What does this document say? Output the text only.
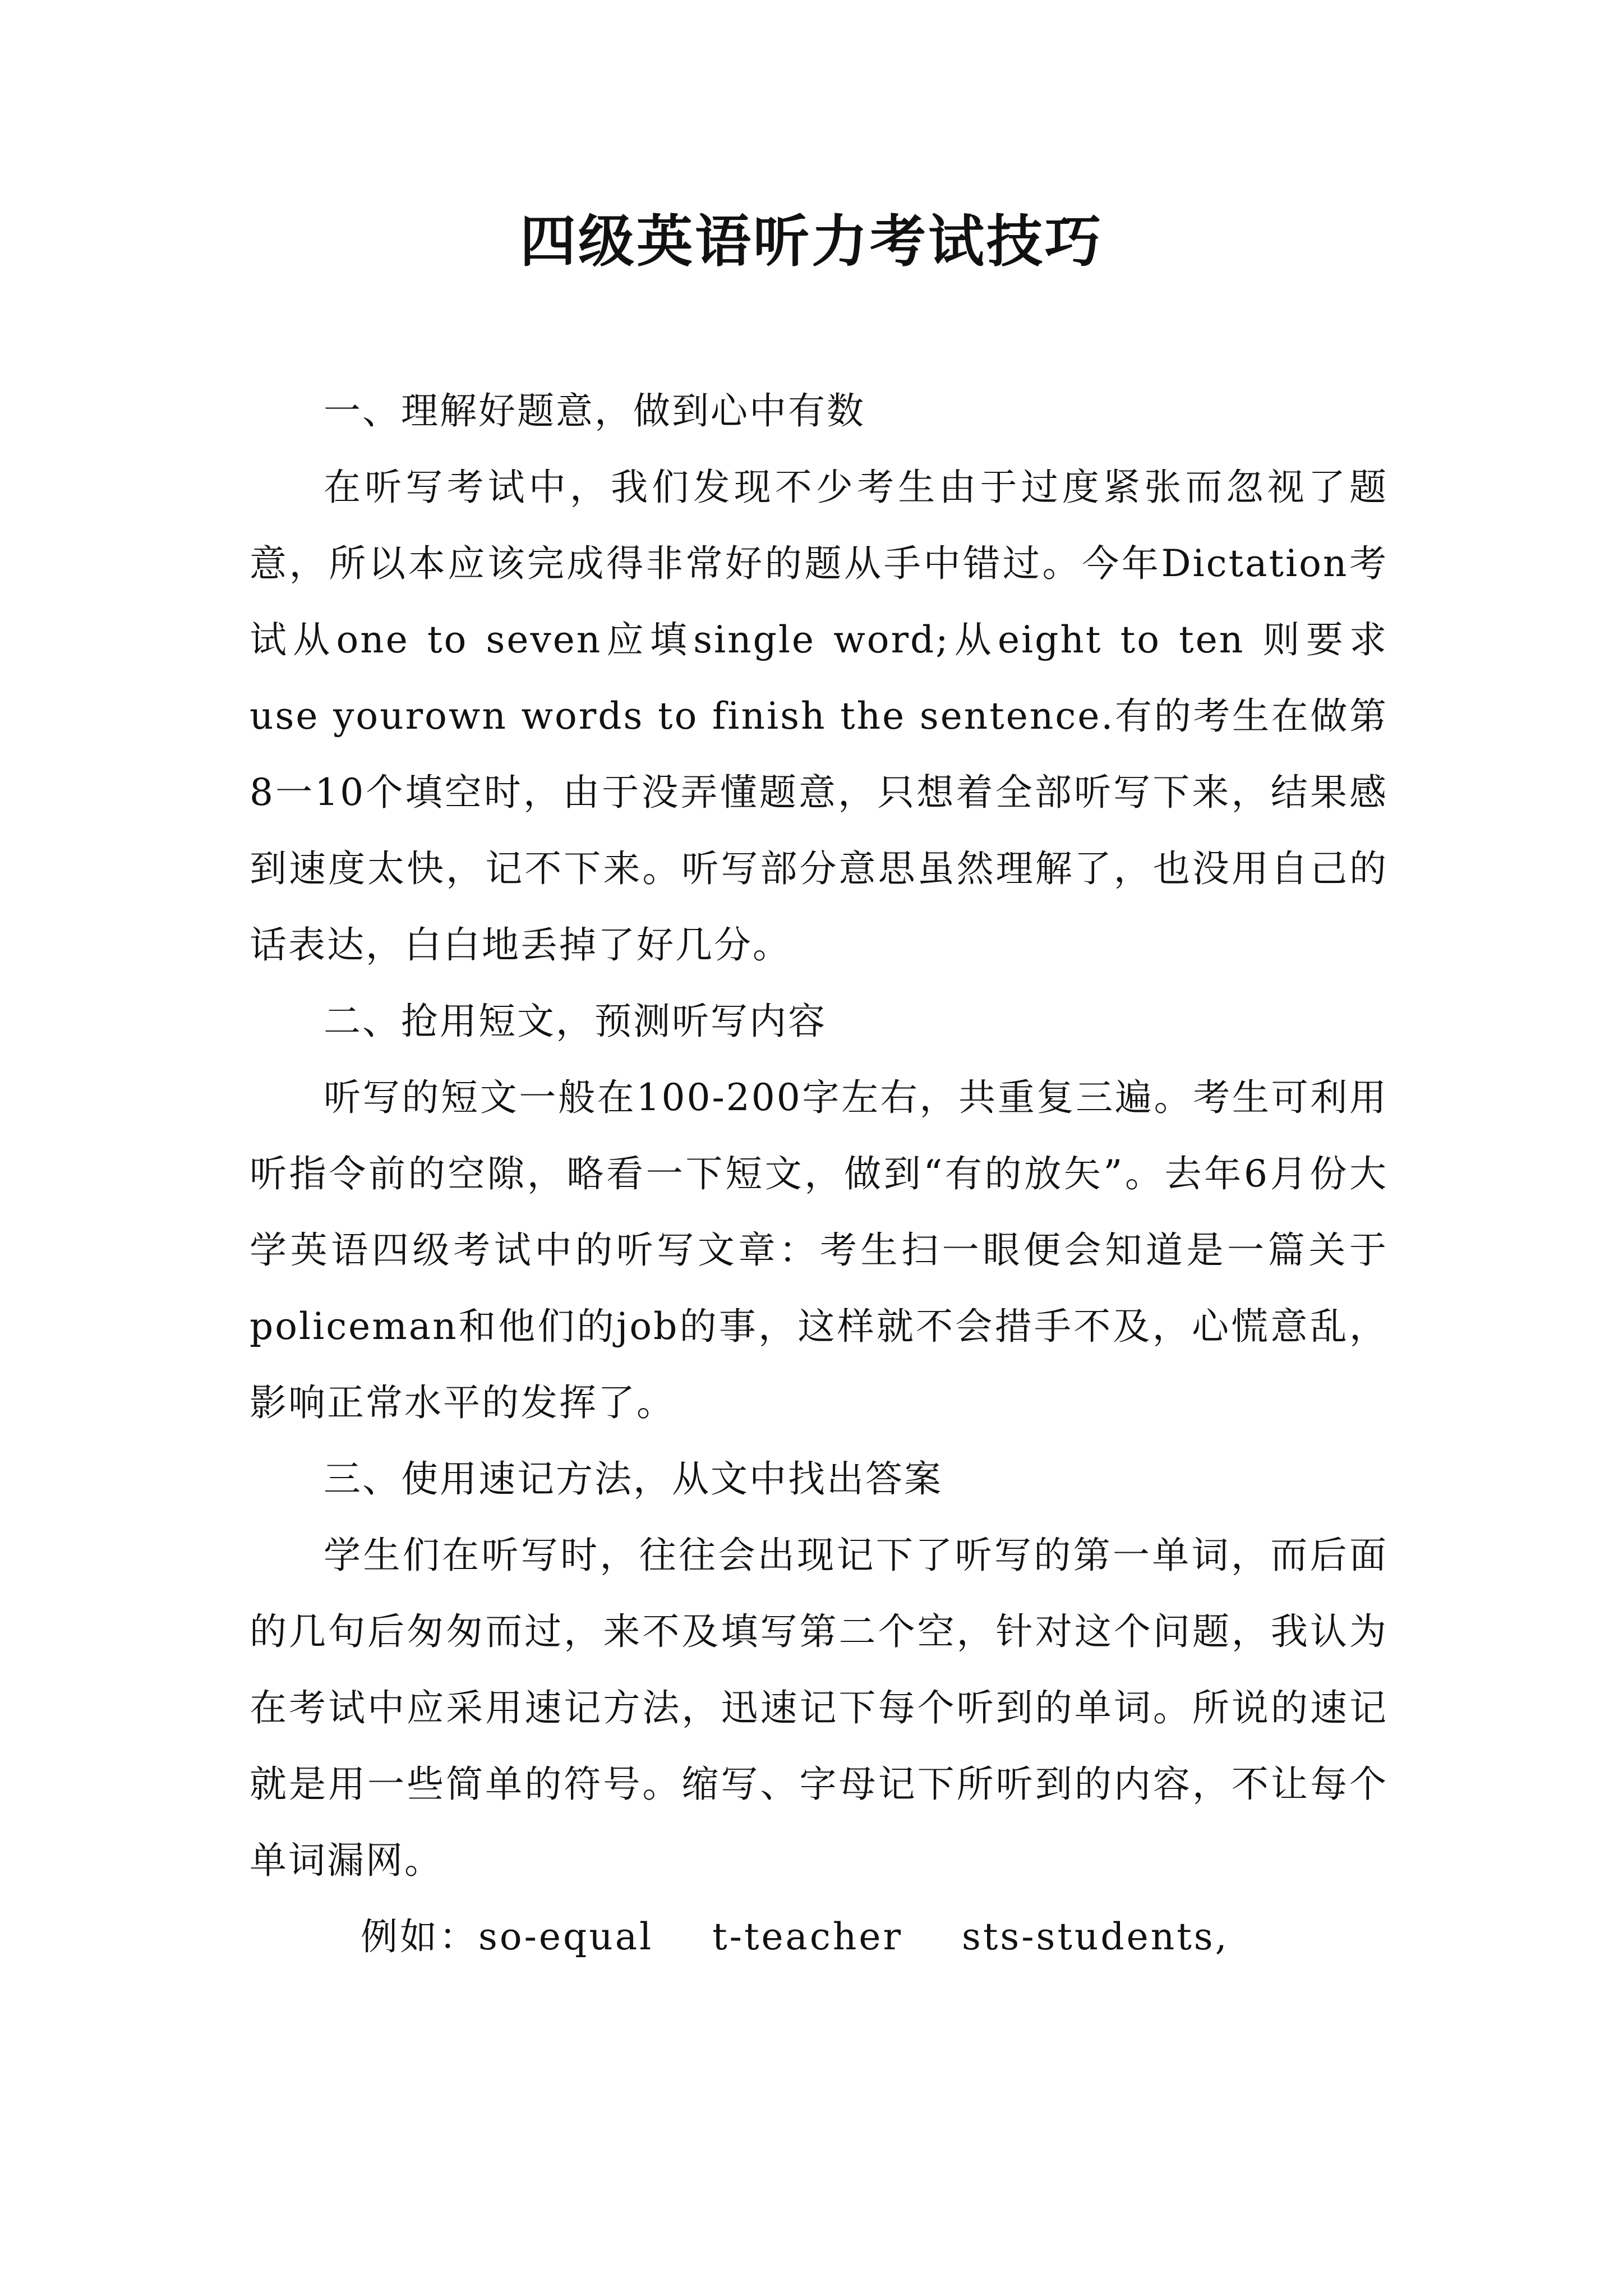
四级英语听力考试技巧

一、理解好题意，做到心中有数

在听写考试中，我们发现不少考生由于过度紧张而忽视了题意，所以本应该完成得非常好的题从手中错过。今年Dictation考试从one to seven应填single word;从eight to ten 则要求use yourown words to finish the sentence.有的考生在做第8一10个填空时，由于没弄懂题意，只想着全部听写下来，结果感到速度太快，记不下来。听写部分意思虽然理解了，也没用自己的话表达，白白地丢掉了好几分。

二、抢用短文，预测听写内容

听写的短文一般在100-200字左右，共重复三遍。考生可利用听指令前的空隙，略看一下短文，做到“有的放矢”。去年6月份大学英语四级考试中的听写文章：考生扫一眼便会知道是一篇关于policeman和他们的job的事，这样就不会措手不及，心慌意乱，影响正常水平的发挥了。

三、使用速记方法，从文中找出答案

学生们在听写时，往往会出现记下了听写的第一单词，而后面的几句后匆匆而过，来不及填写第二个空，针对这个问题，我认为在考试中应采用速记方法，迅速记下每个听到的单词。所说的速记就是用一些简单的符号。缩写、字母记下所听到的内容，不让每个单词漏网。

例如：so-equal t-teacher sts-students,
